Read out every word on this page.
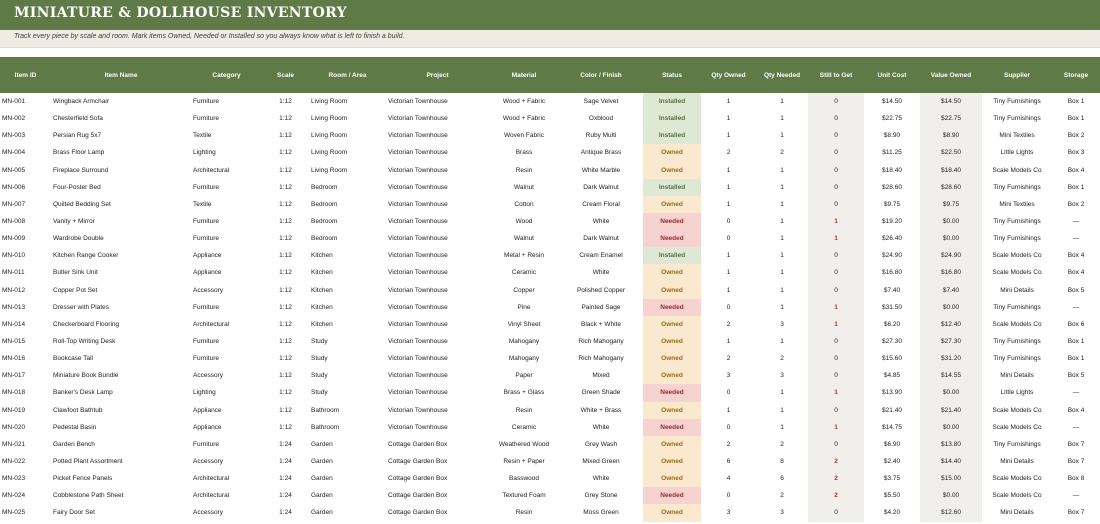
MINIATURE & DOLLHOUSE INVENTORY
Track every piece by scale and room. Mark items Owned, Needed or Installed so you always know what is left to finish a build.
Item ID	Item Name	Category	Scale	Room / Area	Project	Material	Color / Finish	Status	Qty Owned	Qty Needed	Still to Get	Unit Cost	Value Owned	Supplier	Storage
MN-001	Wingback Armchair	Furniture	1:12	Living Room	Victorian Townhouse	Wood + Fabric	Sage Velvet	Installed	1	1	0	$14.50	$14.50	Tiny Furnishings	Box 1
MN-002	Chesterfield Sofa	Furniture	1:12	Living Room	Victorian Townhouse	Wood + Fabric	Oxblood	Installed	1	1	0	$22.75	$22.75	Tiny Furnishings	Box 1
MN-003	Persian Rug 5x7	Textile	1:12	Living Room	Victorian Townhouse	Woven Fabric	Ruby Multi	Installed	1	1	0	$8.90	$8.90	Mini Textiles	Box 2
MN-004	Brass Floor Lamp	Lighting	1:12	Living Room	Victorian Townhouse	Brass	Antique Brass	Owned	2	2	0	$11.25	$22.50	Little Lights	Box 3
MN-005	Fireplace Surround	Architectural	1:12	Living Room	Victorian Townhouse	Resin	White Marble	Owned	1	1	0	$18.40	$18.40	Scale Models Co	Box 4
MN-006	Four-Poster Bed	Furniture	1:12	Bedroom	Victorian Townhouse	Walnut	Dark Walnut	Installed	1	1	0	$28.60	$28.60	Tiny Furnishings	Box 1
MN-007	Quilted Bedding Set	Textile	1:12	Bedroom	Victorian Townhouse	Cotton	Cream Floral	Owned	1	1	0	$9.75	$9.75	Mini Textiles	Box 2
MN-008	Vanity + Mirror	Furniture	1:12	Bedroom	Victorian Townhouse	Wood	White	Needed	0	1	1	$19.20	$0.00	Tiny Furnishings	—
MN-009	Wardrobe Double	Furniture	1:12	Bedroom	Victorian Townhouse	Walnut	Dark Walnut	Needed	0	1	1	$26.40	$0.00	Tiny Furnishings	—
MN-010	Kitchen Range Cooker	Appliance	1:12	Kitchen	Victorian Townhouse	Metal + Resin	Cream Enamel	Installed	1	1	0	$24.90	$24.90	Scale Models Co	Box 4
MN-011	Butler Sink Unit	Appliance	1:12	Kitchen	Victorian Townhouse	Ceramic	White	Owned	1	1	0	$16.80	$16.80	Scale Models Co	Box 4
MN-012	Copper Pot Set	Accessory	1:12	Kitchen	Victorian Townhouse	Copper	Polished Copper	Owned	1	1	0	$7.40	$7.40	Mini Details	Box 5
MN-013	Dresser with Plates	Furniture	1:12	Kitchen	Victorian Townhouse	Pine	Painted Sage	Needed	0	1	1	$31.50	$0.00	Tiny Furnishings	—
MN-014	Checkerboard Flooring	Architectural	1:12	Kitchen	Victorian Townhouse	Vinyl Sheet	Black + White	Owned	2	3	1	$6.20	$12.40	Scale Models Co	Box 6
MN-015	Roll-Top Writing Desk	Furniture	1:12	Study	Victorian Townhouse	Mahogany	Rich Mahogany	Owned	1	1	0	$27.30	$27.30	Tiny Furnishings	Box 1
MN-016	Bookcase Tall	Furniture	1:12	Study	Victorian Townhouse	Mahogany	Rich Mahogany	Owned	2	2	0	$15.60	$31.20	Tiny Furnishings	Box 1
MN-017	Miniature Book Bundle	Accessory	1:12	Study	Victorian Townhouse	Paper	Mixed	Owned	3	3	0	$4.85	$14.55	Mini Details	Box 5
MN-018	Banker's Desk Lamp	Lighting	1:12	Study	Victorian Townhouse	Brass + Glass	Green Shade	Needed	0	1	1	$13.90	$0.00	Little Lights	—
MN-019	Clawfoot Bathtub	Appliance	1:12	Bathroom	Victorian Townhouse	Resin	White + Brass	Owned	1	1	0	$21.40	$21.40	Scale Models Co	Box 4
MN-020	Pedestal Basin	Appliance	1:12	Bathroom	Victorian Townhouse	Ceramic	White	Needed	0	1	1	$14.75	$0.00	Scale Models Co	—
MN-021	Garden Bench	Furniture	1:24	Garden	Cottage Garden Box	Weathered Wood	Grey Wash	Owned	2	2	0	$6.90	$13.80	Tiny Furnishings	Box 7
MN-022	Potted Plant Assortment	Accessory	1:24	Garden	Cottage Garden Box	Resin + Paper	Mixed Green	Owned	6	8	2	$2.40	$14.40	Mini Details	Box 7
MN-023	Picket Fence Panels	Architectural	1:24	Garden	Cottage Garden Box	Basswood	White	Owned	4	6	2	$3.75	$15.00	Scale Models Co	Box 8
MN-024	Cobblestone Path Sheet	Architectural	1:24	Garden	Cottage Garden Box	Textured Foam	Grey Stone	Needed	0	2	2	$5.50	$0.00	Scale Models Co	—
MN-025	Fairy Door Set	Accessory	1:24	Garden	Cottage Garden Box	Resin	Moss Green	Owned	3	3	0	$4.20	$12.60	Mini Details	Box 7
